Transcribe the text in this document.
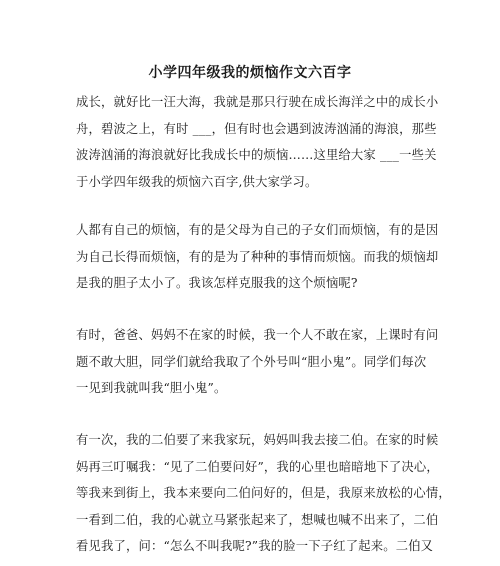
小学四年级我的烦恼作文六百字

成长，就好比一汪大海，我就是那只行驶在成长海洋之中的成长小
舟，碧波之上，有时 ___，但有时也会遇到波涛汹涌的海浪，那些
波涛汹涌的海浪就好比我成长中的烦恼……这里给大家 ___一些关
于小学四年级我的烦恼六百字,供大家学习。

人都有自己的烦恼，有的是父母为自己的子女们而烦恼，有的是因
为自己长得而烦恼，有的是为了种种的事情而烦恼。而我的烦恼却
是我的胆子太小了。我该怎样克服我的这个烦恼呢?

有时，爸爸、妈妈不在家的时候，我一个人不敢在家，上课时有问
题不敢大胆，同学们就给我取了个外号叫“胆小鬼”。同学们每次
一见到我就叫我“胆小鬼”。

有一次，我的二伯要了来我家玩，妈妈叫我去接二伯。在家的时候
妈再三叮嘱我：“见了二伯要问好”，我的心里也暗暗地下了决心，
等我来到街上，我本来要向二伯问好的，但是，我原来放松的心情，
一看到二伯，我的心就立马紧张起来了，想喊也喊不出来了，二伯
看见我了，问：“怎么不叫我呢?”我的脸一下子红了起来。二伯又
